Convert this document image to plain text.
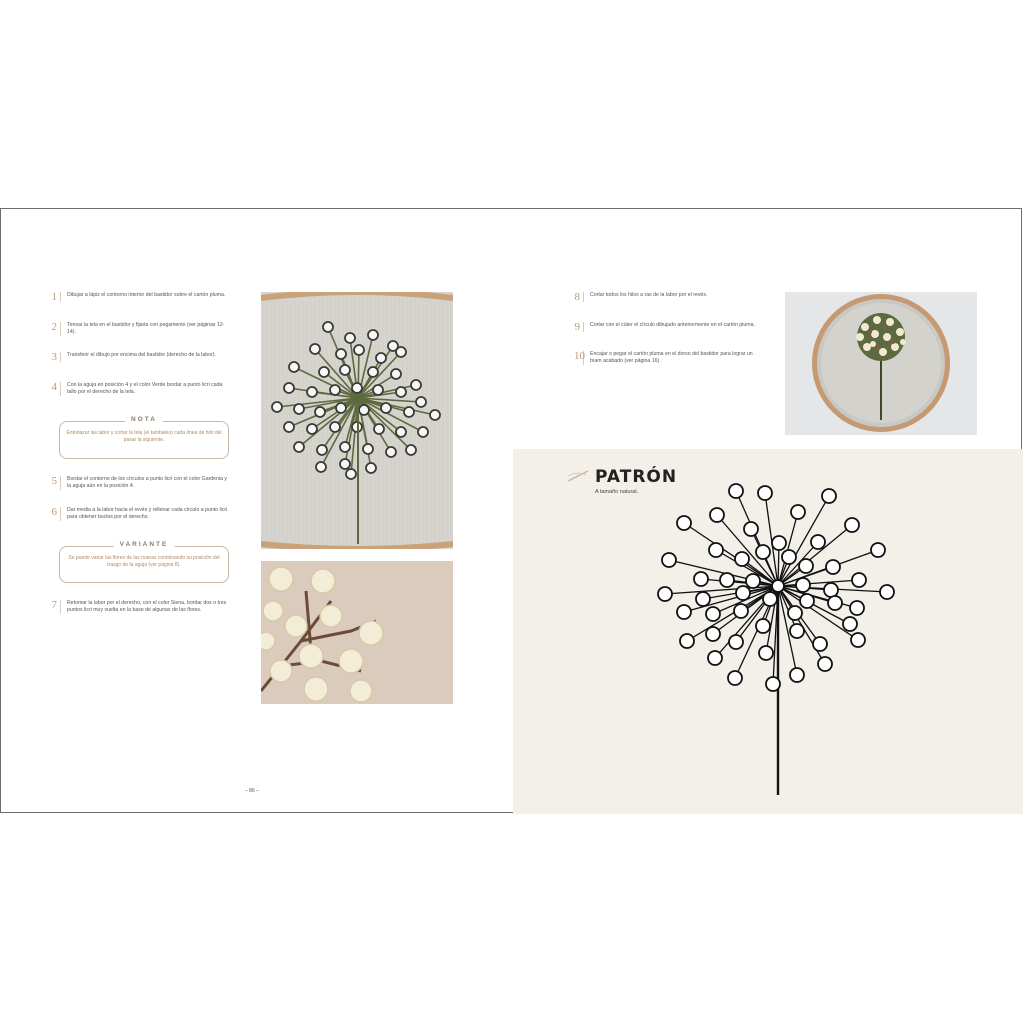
1	Dibujar a lápiz el contorno interior del bastidor sobre el cartón pluma.
2	Tensar la tela en el bastidor y fijarla con pegamento (ver páginas 12-14).
3	Transferir el dibujo por encima del bastidor (derecho de la labor).
4	Con la aguja en posición 4 y el color Verde bordar a punto licri cada tallo por el derecho de la tela.
NOTA
Entrelazar las labor y cortar la tela (el tambaleo) cada línea de hilo del pasar la siguiente.
5	Bordar el contorno de los círculos a punto licri con el color Gardenia y la aguja aún en la posición 4.
6	Dar media a la labor hacia el revés y rellenar cada círculo a punto licri para obtener bucles por el derecho.
VARIANTE
Se puede variar las flores de las hueras combinando su posición del trasgo de la aguja (ver página 8).
7	Retomar la labor por el derecho, con el color Siena, bordar dos o tres puntos licri muy vuelta en la base de algunas de las flores.
– 86 –
8	Cortar todos los hilos a ras de la labor por el revés.
9	Cortar con el cúter el círculo dibujado anteriormente en el cartón pluma.
10 Encajar o pegar el cartón pluma en el dorso del bastidor para lograr un buen acabado (ver página 16).
PATRÓN
A tamaño natural.
